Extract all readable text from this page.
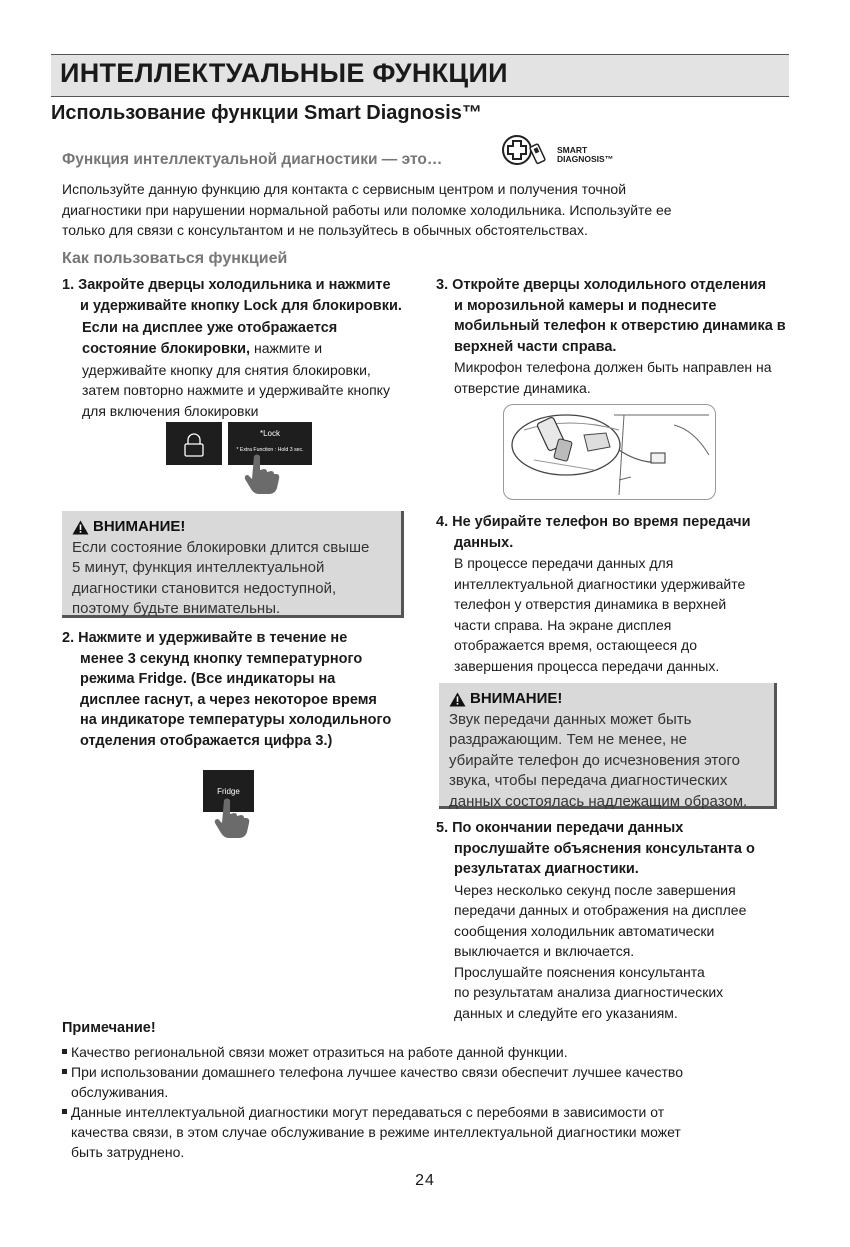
ИНТЕЛЛЕКТУАЛЬНЫЕ ФУНКЦИИ
Использование функции Smart Diagnosis™
Функция интеллектуальной диагностики — это…
SMART
DIAGNOSIS™
Используйте данную функцию для контакта с сервисным центром и получения точной
диагностики при нарушении нормальной работы или поломке холодильника. Используйте ее
только для связи с консультантом и не пользуйтесь в обычных обстоятельствах.
Как пользоваться функцией
1. Закройте дверцы холодильника и нажмите
и удерживайте кнопку Lock для блокировки.
Если на дисплее уже отображается
состояние блокировки, нажмите и
удерживайте кнопку для снятия блокировки,
затем повторно нажмите и удерживайте кнопку
для включения блокировки
*Lock
* Extra Function : Hold 3 sec.
ВНИМАНИЕ!
Если состояние блокировки длится свыше
5 минут, функция интеллектуальной
диагностики становится недоступной,
поэтому будьте внимательны.
2. Нажмите и удерживайте в течение не
менее 3 секунд кнопку температурного
режима Fridge. (Все индикаторы на
дисплее гаснут, а через некоторое время
на индикаторе температуры холодильного
отделения отображается цифра 3.)
Fridge
3. Откройте дверцы холодильного отделения
и морозильной камеры и поднесите
мобильный телефон к отверстию динамика в
верхней части справа.
Микрофон телефона должен быть направлен на
отверстие динамика.
4. Не убирайте телефон во время передачи
данных.
В процессе передачи данных для
интеллектуальной диагностики удерживайте
телефон у отверстия динамика в верхней
части справа. На экране дисплея
отображается время, остающееся до
завершения процесса передачи данных.
ВНИМАНИЕ!
Звук передачи данных может быть
раздражающим. Тем не менее, не
убирайте телефон до исчезновения этого
звука, чтобы передача диагностических
данных состоялась надлежащим образом.
5. По окончании передачи данных
прослушайте объяснения консультанта о
результатах диагностики.
Через несколько секунд после завершения
передачи данных и отображения на дисплее
сообщения холодильник автоматически
выключается и включается.
Прослушайте пояснения консультанта
по результатам анализа диагностических
данных и следуйте его указаниям.
Примечание!
Качество региональной связи может отразиться на работе данной функции.
При использовании домашнего телефона лучшее качество связи обеспечит лучшее качество
обслуживания.
Данные интеллектуальной диагностики могут передаваться с перебоями в зависимости от
качества связи, в этом случае обслуживание в режиме интеллектуальной диагностики может
быть затруднено.
24
